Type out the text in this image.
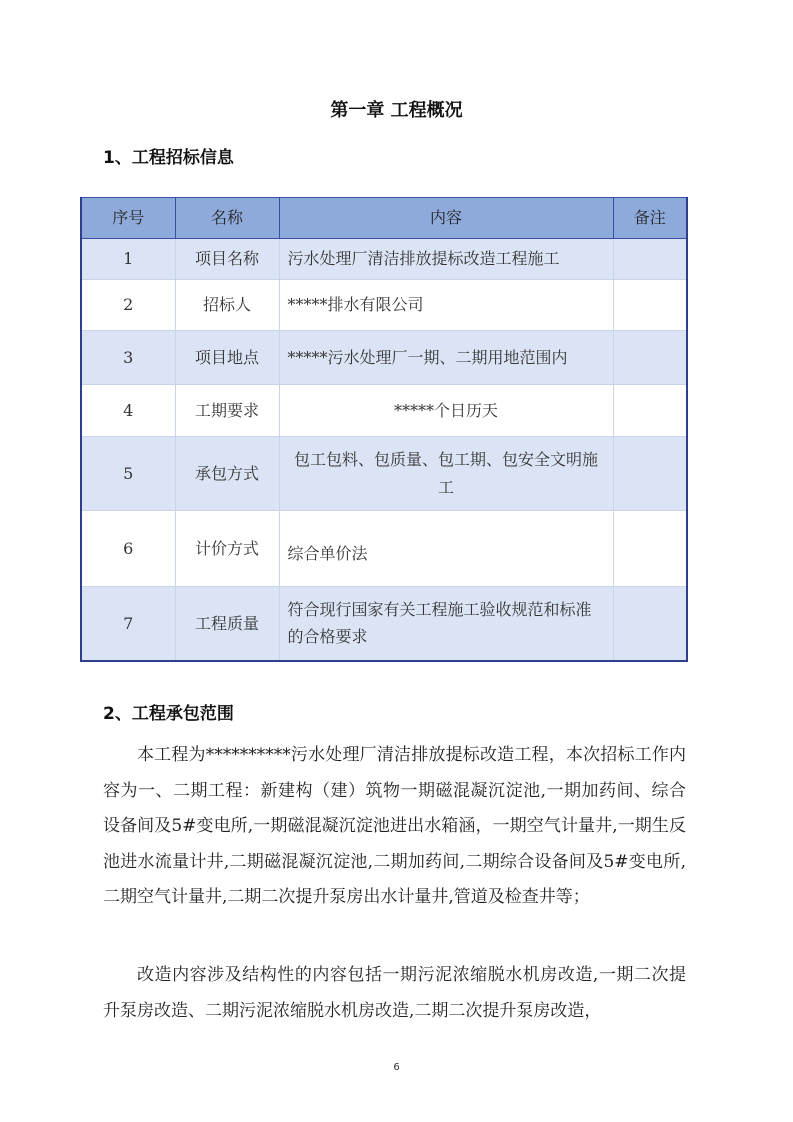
第一章 工程概况
1、工程招标信息
序号	名称	内容	备注
1	项目名称	污水处理厂清洁排放提标改造工程施工	
2	招标人	*****排水有限公司	
3	项目地点	*****污水处理厂一期、二期用地范围内	
4	工期要求	*****个日历天	
5	承包方式	包工包料、包质量、包工期、包安全文明施工	
6	计价方式	综合单价法	
7	工程质量	符合现行国家有关工程施工验收规范和标准的合格要求	
2、工程承包范围

本工程为**********污水处理厂清洁排放提标改造工程，本次招标工作内容为一、二期工程：新建构（建）筑物一期磁混凝沉淀池,一期加药间、综合设备间及5#变电所,一期磁混凝沉淀池进出水箱涵，一期空气计量井,一期生反池进水流量计井,二期磁混凝沉淀池,二期加药间,二期综合设备间及5#变电所,二期空气计量井,二期二次提升泵房出水计量井,管道及检查井等；

改造内容涉及结构性的内容包括一期污泥浓缩脱水机房改造,一期二次提升泵房改造、二期污泥浓缩脱水机房改造,二期二次提升泵房改造，

6
